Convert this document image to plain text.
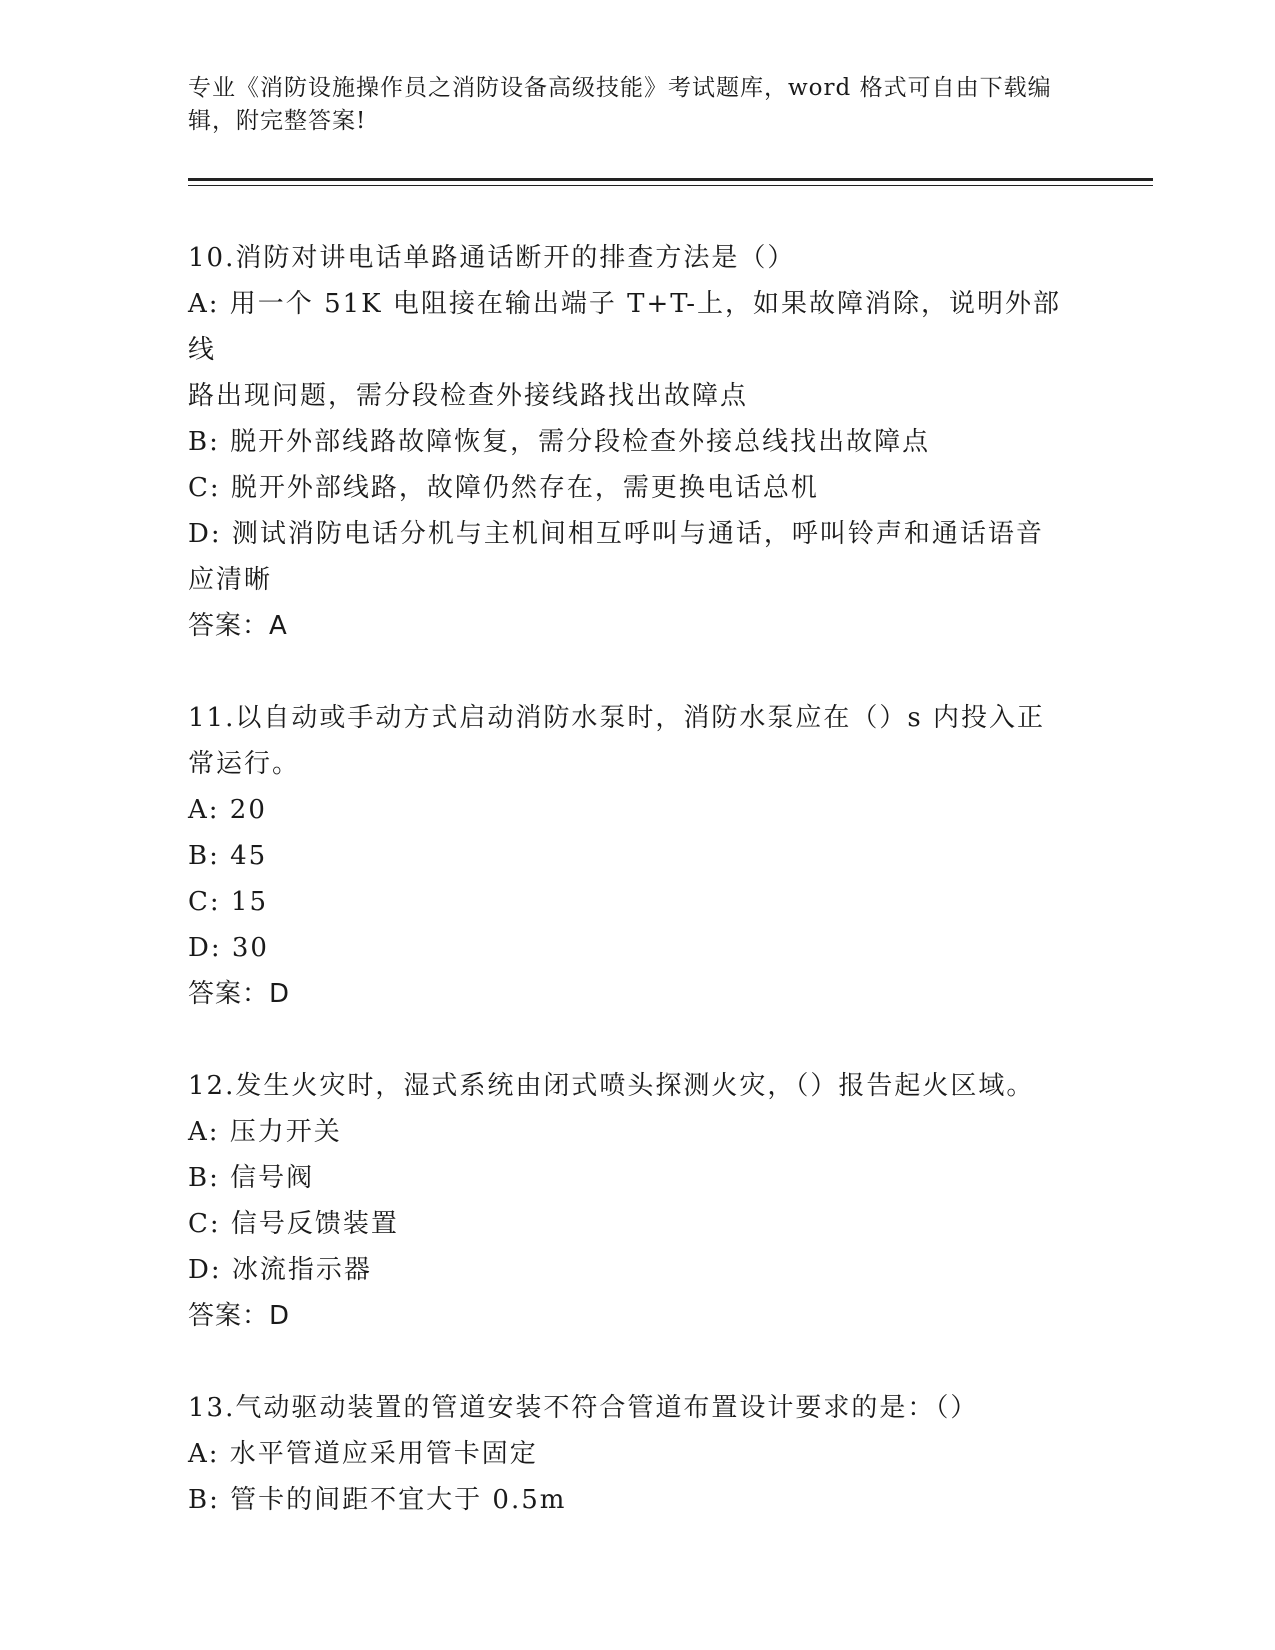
专业《消防设施操作员之消防设备高级技能》考试题库，word 格式可自由下载编
辑，附完整答案!
10.消防对讲电话单路通话断开的排查方法是（）
A: 用一个 51K 电阻接在输出端子 T+T-上，如果故障消除，说明外部线
路出现问题，需分段检查外接线路找出故障点
B: 脱开外部线路故障恢复，需分段检查外接总线找出故障点
C: 脱开外部线路，故障仍然存在，需更换电话总机
D: 测试消防电话分机与主机间相互呼叫与通话，呼叫铃声和通话语音
应清晰
答案：A
11.以自动或手动方式启动消防水泵时，消防水泵应在（）s 内投入正
常运行。
A: 20
B: 45
C: 15
D: 30
答案：D
12.发生火灾时，湿式系统由闭式喷头探测火灾，（）报告起火区域。
A: 压力开关
B: 信号阀
C: 信号反馈装置
D: 冰流指示器
答案：D
13.气动驱动装置的管道安装不符合管道布置设计要求的是：（）
A: 水平管道应采用管卡固定
B: 管卡的间距不宜大于 0.5m
